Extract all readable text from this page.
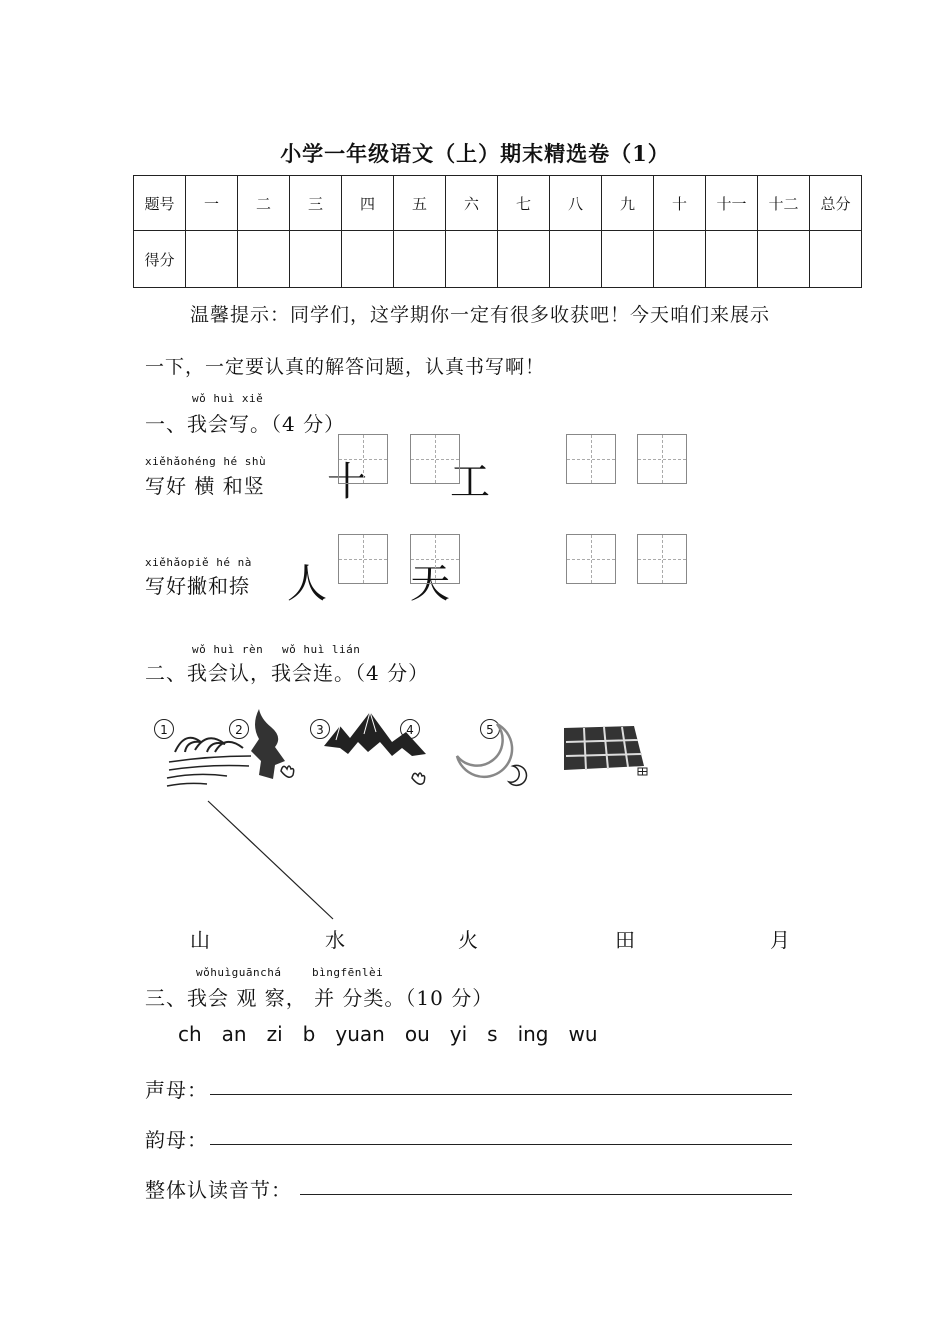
小学一年级语文（上）期末精选卷（1）
题号	一	二	三	四	五	六	七	八	九	十	十一	十二	总分
得分													
温馨提示：同学们，这学期你一定有很多收获吧！今天咱们来展示
一下，一定要认真的解答问题，认真书写啊！
wǒ huì xiě
一、我会写。（4 分）
xiěhǎohéng hé shù
写好 横 和竖 十 工
xiěhǎopiě hé nà
写好撇和捺 人 天
wǒ huì rèn wǒ huì lián
二、我会认，我会连。（4 分）
1	2	3	4	5
山	水	火	田	月
wǒhuìguānchá	bìngfēnlèi
三、我会 观 察， 并 分类。（10 分）
ch an zi b yuan ou yi s ing wu
声母：
韵母：
整体认读音节：
